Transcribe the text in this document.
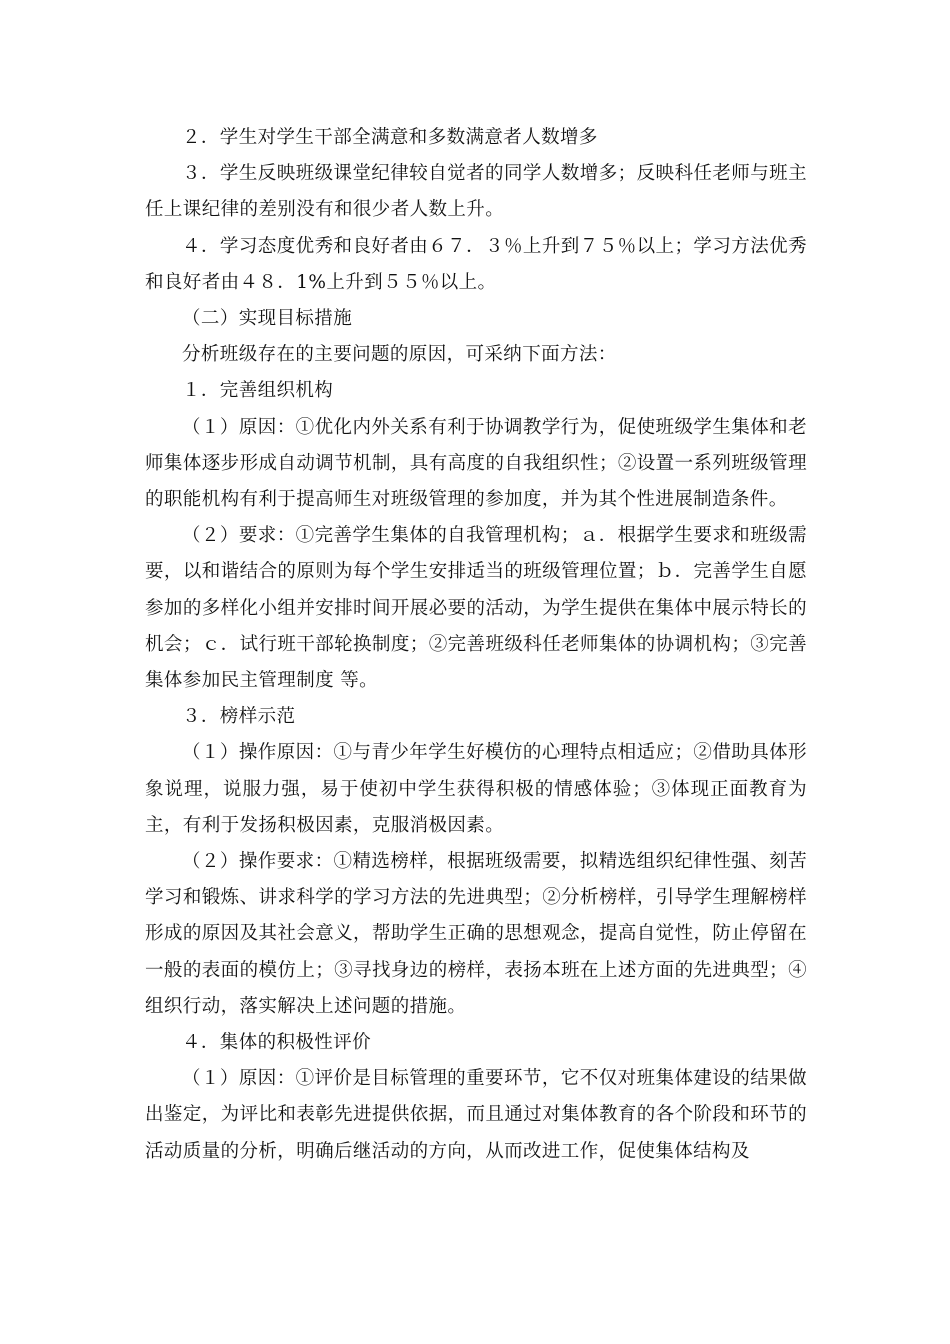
２．学生对学生干部全满意和多数满意者人数增多

３．学生反映班级课堂纪律较自觉者的同学人数增多；反映科任老师与班主任上课纪律的差别没有和很少者人数上升。

４．学习态度优秀和良好者由６７．３％上升到７５％以上；学习方法优秀和良好者由４８．1%上升到５５％以上。

（二）实现目标措施

分析班级存在的主要问题的原因，可采纳下面方法：

１．完善组织机构

（１）原因：①优化内外关系有利于协调教学行为，促使班级学生集体和老师集体逐步形成自动调节机制，具有高度的自我组织性；②设置一系列班级管理的职能机构有利于提高师生对班级管理的参加度，并为其个性进展制造条件。

（２）要求：①完善学生集体的自我管理机构；ａ．根据学生要求和班级需要，以和谐结合的原则为每个学生安排适当的班级管理位置；ｂ．完善学生自愿参加的多样化小组并安排时间开展必要的活动，为学生提供在集体中展示特长的机会；ｃ．试行班干部轮换制度；②完善班级科任老师集体的协调机构；③完善集体参加民主管理制度 等。

３．榜样示范

（１）操作原因：①与青少年学生好模仿的心理特点相适应；②借助具体形象说理，说服力强，易于使初中学生获得积极的情感体验；③体现正面教育为主，有利于发扬积极因素，克服消极因素。

（２）操作要求：①精选榜样，根据班级需要，拟精选组织纪律性强、刻苦学习和锻炼、讲求科学的学习方法的先进典型；②分析榜样，引导学生理解榜样形成的原因及其社会意义，帮助学生正确的思想观念，提高自觉性，防止停留在一般的表面的模仿上；③寻找身边的榜样，表扬本班在上述方面的先进典型；④组织行动，落实解决上述问题的措施。

４．集体的积极性评价

（１）原因：①评价是目标管理的重要环节，它不仅对班集体建设的结果做出鉴定，为评比和表彰先进提供依据，而且通过对集体教育的各个阶段和环节的活动质量的分析，明确后继活动的方向，从而改进工作，促使集体结构及
